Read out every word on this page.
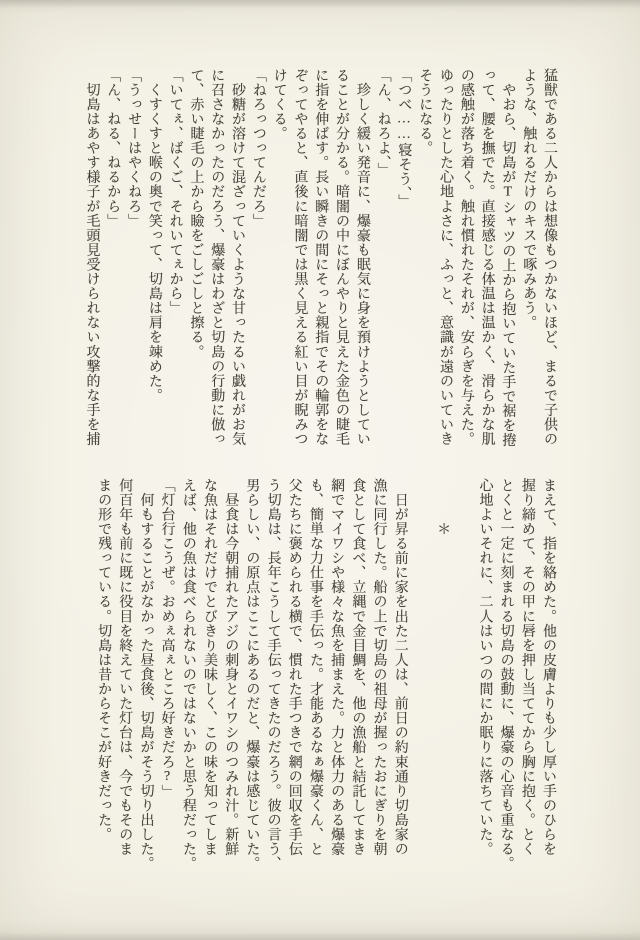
猛獣である二人からは想像もつかないほど、まるで子供の
ような、触れるだけのキスで啄みあう。
　やおら、切島がTシャツの上から抱いていた手で裾を捲
って、腰を撫でた。直接感じる体温は温かく、滑らかな肌
の感触が落ち着く。触れ慣れたそれが、安らぎを与えた。
ゆったりとした心地よさに、ふっと、意識が遠のいていき
そうになる。
「つべ……寝そう、」
「ん、ねろよ、」
　珍しく緩い発音に、爆豪も眠気に身を預けようとしてい
ることが分かる。暗闇の中にぼんやりと見えた金色の睫毛
に指を伸ばす。長い瞬きの間にそっと親指でその輪郭をな
ぞってやると、直後に暗闇では黒く見える紅い目が睨みつ
けてくる。
「ねろっつってんだろ」
　砂糖が溶けて混ざっていくような甘ったるい戯れがお気
に召さなかったのだろう、爆豪はわざと切島の行動に倣っ
て、赤い睫毛の上から瞼をごしごしと擦る。
「いてぇ、ばくご、それいてぇから」
　くすくすと喉の奥で笑って、切島は肩を竦めた。
「うっせーはやくねろ」
「ん、ねる、ねるから」
　切島はあやす様子が毛頭見受けられない攻撃的な手を捕
まえて、指を絡めた。他の皮膚よりも少し厚い手のひらを
握り締めて、その甲に唇を押し当ててから胸に抱く。とく
とくと一定に刻まれる切島の鼓動に、爆豪の心音も重なる。
心地よいそれに、二人はいつの間にか眠りに落ちていた。
　　　＊
　日が昇る前に家を出た二人は、前日の約束通り切島家の
漁に同行した。船の上で切島の祖母が握ったおにぎりを朝
食として食べ、立縄で金目鯛を、他の漁船と結託してまき
網でマイワシや様々な魚を捕まえた。力と体力のある爆豪
も、簡単な力仕事を手伝った。才能あるなぁ爆豪くん、と
父たちに褒められる横で、慣れた手つきで網の回収を手伝
う切島は、長年こうして手伝ってきたのだろう。彼の言う、
男らしい、の原点はここにあるのだと、爆豪は感じていた。
　昼食は今朝捕れたアジの刺身とイワシのつみれ汁。新鮮
な魚はそれだけでとびきり美味しく、この味を知ってしま
えば、他の魚は食べられないのではないかと思う程だった。
「灯台行こうぜ。おめぇ高ぇところ好きだろ?」
　何もすることがなかった昼食後、切島がそう切り出した。
何百年も前に既に役目を終えていた灯台は、今でもそのま
まの形で残っている。切島は昔からそこが好きだった。
